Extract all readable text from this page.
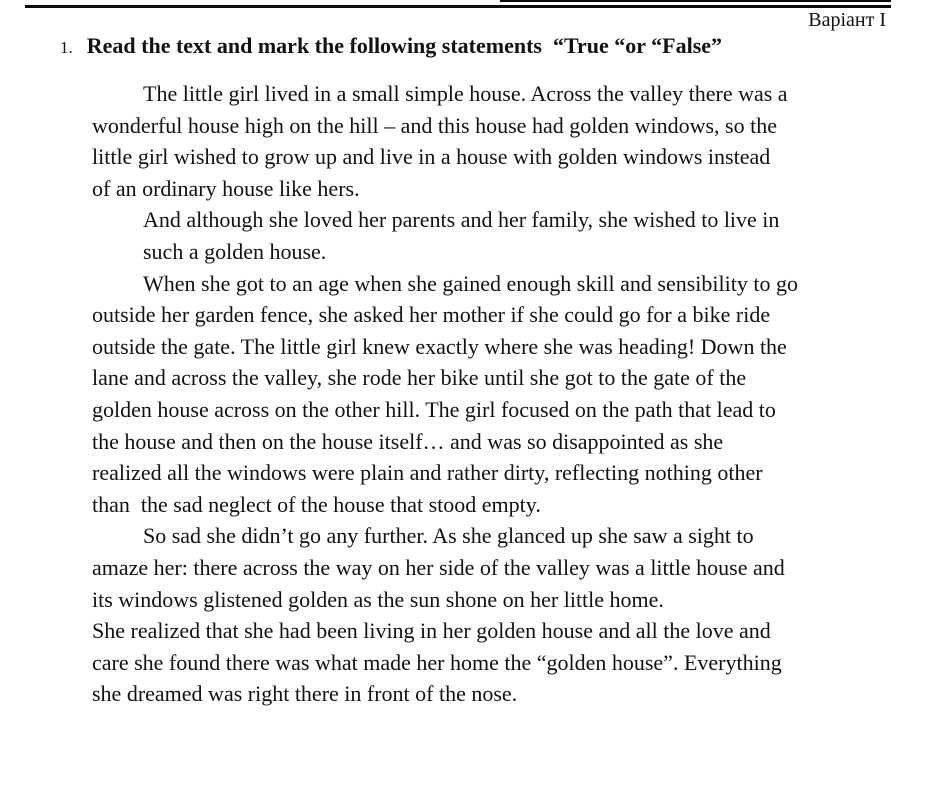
Варіант І
1. Read the text and mark the following statements  “True “or “False”
The little girl lived in a small simple house. Across the valley there was a
wonderful house high on the hill – and this house had golden windows, so the
little girl wished to grow up and live in a house with golden windows instead
of an ordinary house like hers.
And although she loved her parents and her family, she wished to live in
such a golden house.
When she got to an age when she gained enough skill and sensibility to go
outside her garden fence, she asked her mother if she could go for a bike ride
outside the gate. The little girl knew exactly where she was heading! Down the
lane and across the valley, she rode her bike until she got to the gate of the
golden house across on the other hill. The girl focused on the path that lead to
the house and then on the house itself… and was so disappointed as she
realized all the windows were plain and rather dirty, reflecting nothing other
than  the sad neglect of the house that stood empty.
So sad she didn’t go any further. As she glanced up she saw a sight to
amaze her: there across the way on her side of the valley was a little house and
its windows glistened golden as the sun shone on her little home.
She realized that she had been living in her golden house and all the love and
care she found there was what made her home the “golden house”. Everything
she dreamed was right there in front of the nose.
